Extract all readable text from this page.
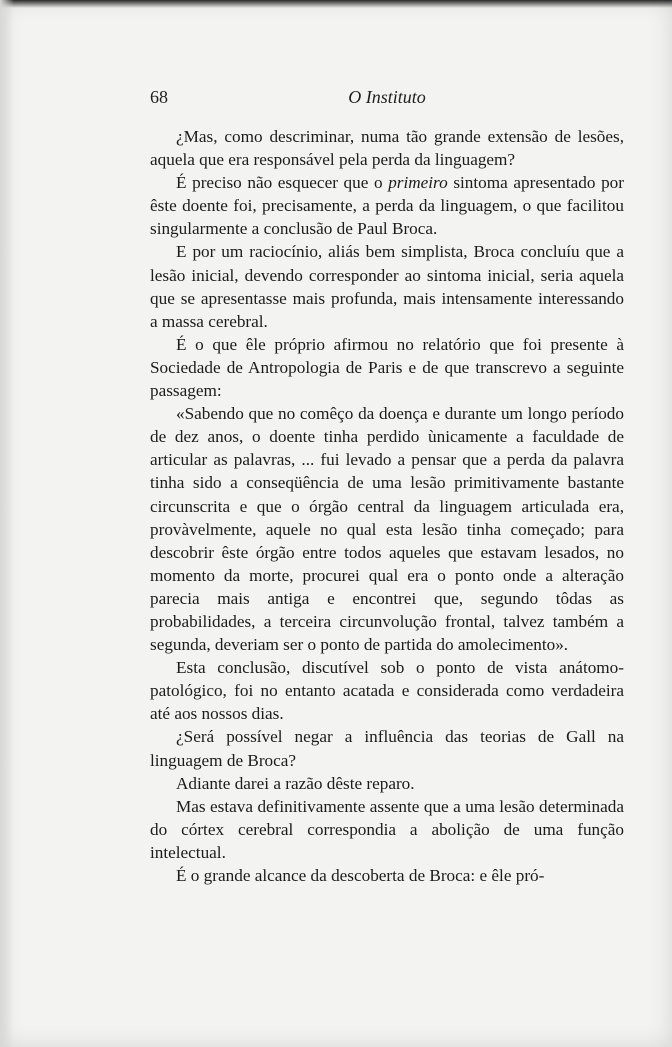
68	O Instituto

¿Mas, como descriminar, numa tão grande extensão de lesões, aquela que era responsável pela perda da linguagem?

É preciso não esquecer que o primeiro sintoma apresentado por êste doente foi, precisamente, a perda da linguagem, o que facilitou singularmente a conclusão de Paul Broca.

E por um raciocínio, aliás bem simplista, Broca concluíu que a lesão inicial, devendo corresponder ao sintoma inicial, seria aquela que se apresentasse mais profunda, mais intensamente interessando a massa cerebral.

É o que êle próprio afirmou no relatório que foi presente à Sociedade de Antropologia de Paris e de que transcrevo a seguinte passagem:

«Sabendo que no comêço da doença e durante um longo período de dez anos, o doente tinha perdido ùnicamente a faculdade de articular as palavras, ... fui levado a pensar que a perda da palavra tinha sido a conseqüência de uma lesão primitivamente bastante circunscrita e que o órgão central da linguagem articulada era, provàvelmente, aquele no qual esta lesão tinha começado; para descobrir êste órgão entre todos aqueles que estavam lesados, no momento da morte, procurei qual era o ponto onde a alteração parecia mais antiga e encontrei que, segundo tôdas as probabilidades, a terceira circunvolução frontal, talvez também a segunda, deveriam ser o ponto de partida do amolecimento».

Esta conclusão, discutível sob o ponto de vista anátomo-patológico, foi no entanto acatada e considerada como verdadeira até aos nossos dias.

¿Será possível negar a influência das teorias de Gall na linguagem de Broca?

Adiante darei a razão dêste reparo.

Mas estava definitivamente assente que a uma lesão determinada do córtex cerebral correspondia a abolição de uma função intelectual.

É o grande alcance da descoberta de Broca: e êle pró-
